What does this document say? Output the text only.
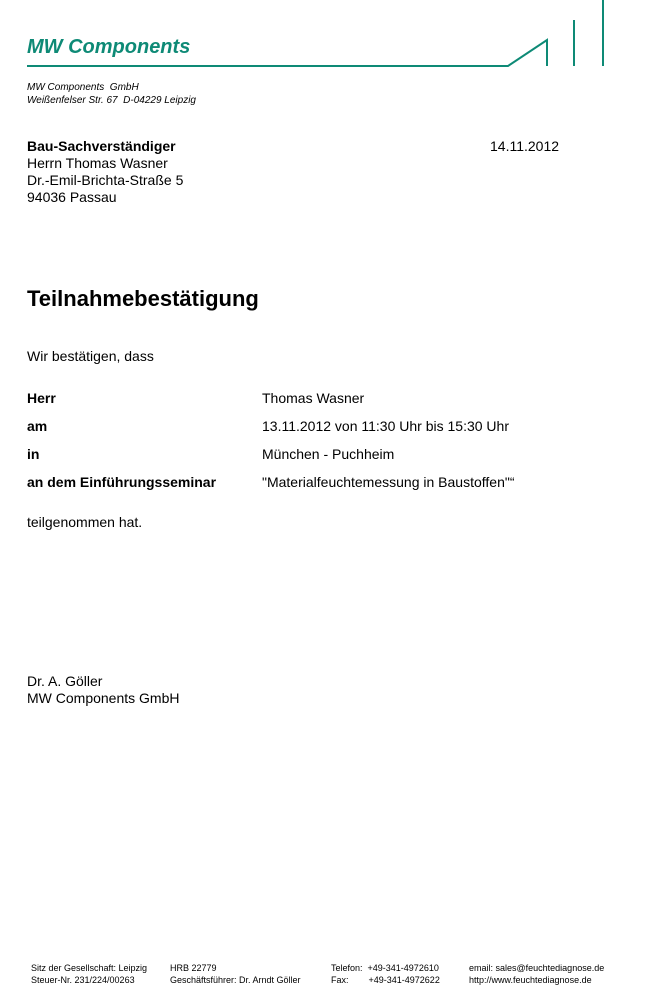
MW Components
MW Components  GmbH
Weißenfelser Str. 67  D-04229 Leipzig
Bau-Sachverständiger
Herrn Thomas Wasner
Dr.-Emil-Brichta-Straße 5
94036 Passau
14.11.2012
Teilnahmebestätigung
Wir bestätigen, dass
Herr	Thomas Wasner
am	13.11.2012 von 11:30 Uhr bis 15:30 Uhr
in	München - Puchheim
an dem Einführungsseminar	"Materialfeuchtemessung in Baustoffen"“
teilgenommen hat.
Dr. A. Göller
MW Components GmbH
Sitz der Gesellschaft: Leipzig
Steuer-Nr. 231/224/00263
HRB 22779
Geschäftsführer: Dr. Arndt Göller
Telefon:  +49-341-4972610
Fax:        +49-341-4972622
email: sales@feuchtediagnose.de
http://www.feuchtediagnose.de
